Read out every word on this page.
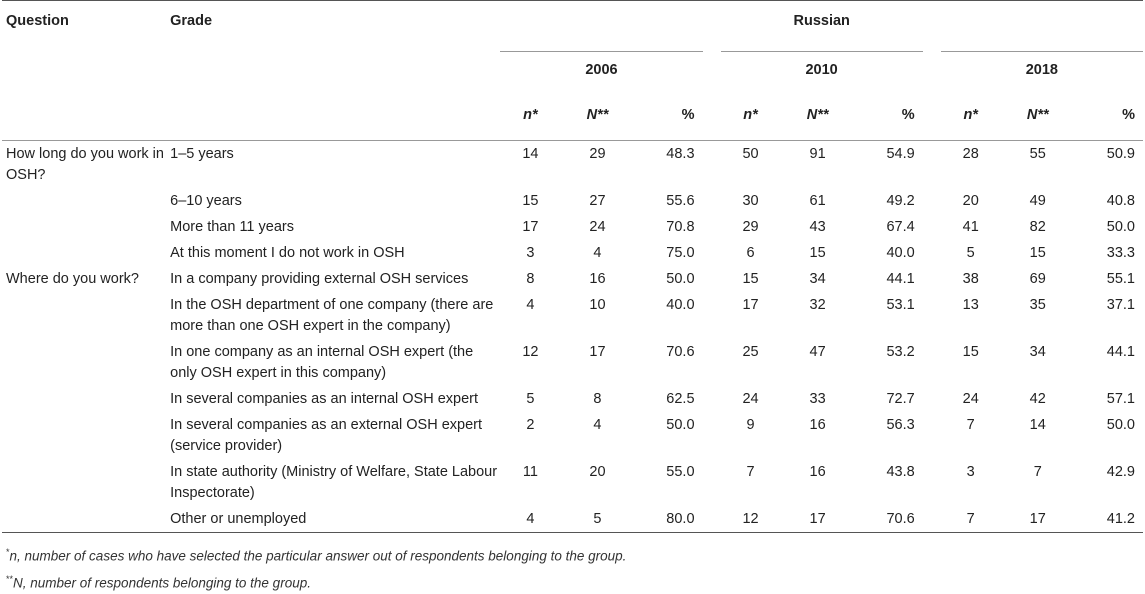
Question	Grade	Russian										
		2006				2010				2018		
		n*	N**	%		n*	N**	%		n*	N**	%
How long do you work in OSH?	1–5 years	14	29	48.3		50	91	54.9		28	55	50.9
	6–10 years	15	27	55.6		30	61	49.2		20	49	40.8
	More than 11 years	17	24	70.8		29	43	67.4		41	82	50.0
	At this moment I do not work in OSH	3	4	75.0		6	15	40.0		5	15	33.3
Where do you work?	In a company providing external OSH services	8	16	50.0		15	34	44.1		38	69	55.1
	In the OSH department of one company (there are more than one OSH expert in the company)	4	10	40.0		17	32	53.1		13	35	37.1
	In one company as an internal OSH expert (the only OSH expert in this company)	12	17	70.6		25	47	53.2		15	34	44.1
	In several companies as an internal OSH expert	5	8	62.5		24	33	72.7		24	42	57.1
	In several companies as an external OSH expert (service provider)	2	4	50.0		9	16	56.3		7	14	50.0
	In state authority (Ministry of Welfare, State Labour Inspectorate)	11	20	55.0		7	16	43.8		3	7	42.9
	Other or unemployed	4	5	80.0		12	17	70.6		7	17	41.2
*n, number of cases who have selected the particular answer out of respondents belonging to the group.
**N, number of respondents belonging to the group.
